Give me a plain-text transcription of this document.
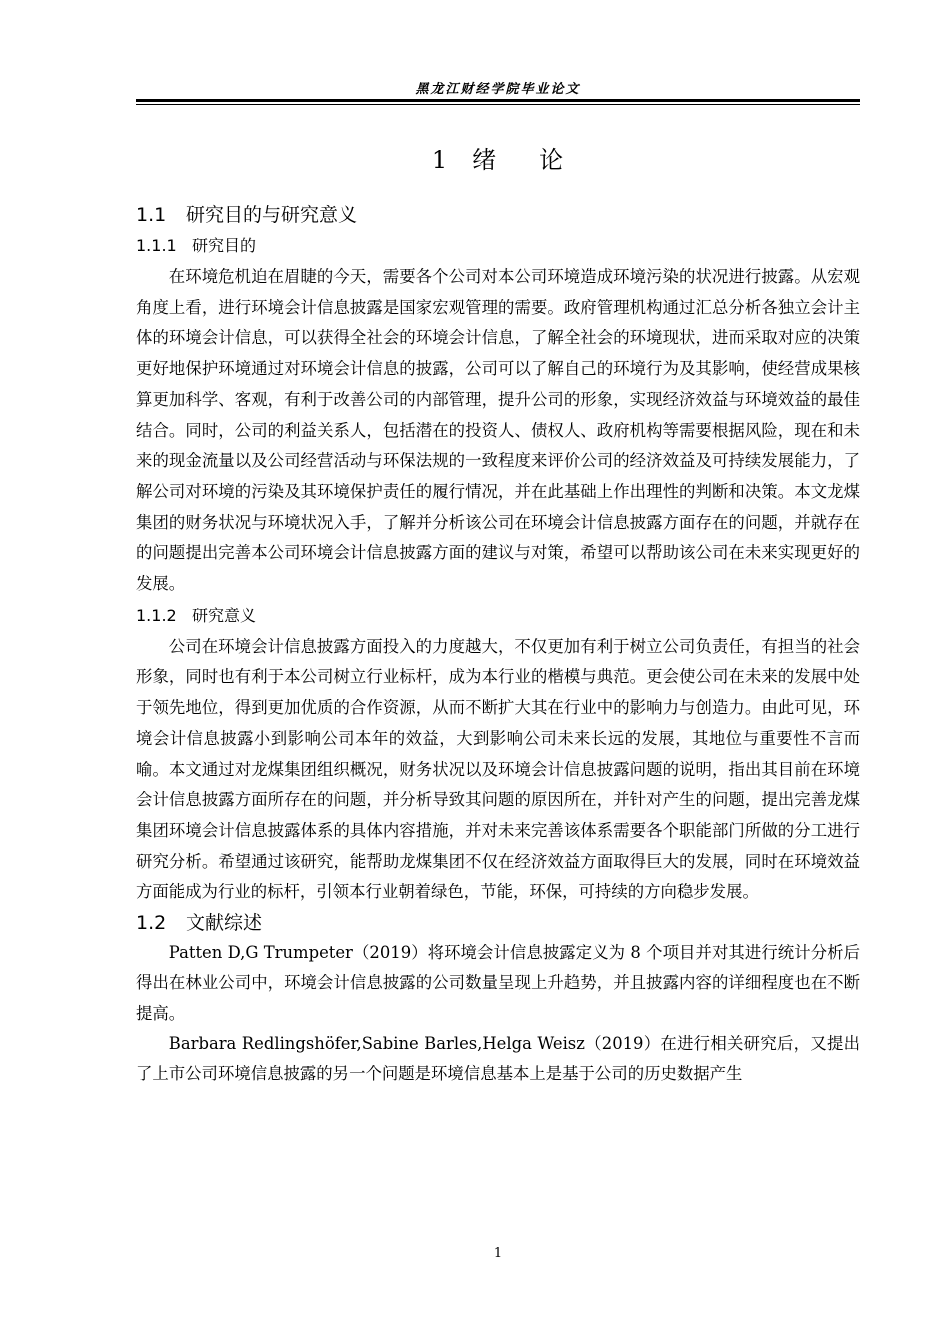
黑龙江财经学院毕业论文
1 绪 论
1.1 研究目的与研究意义
1.1.1 研究目的

在环境危机迫在眉睫的今天，需要各个公司对本公司环境造成环境污染的状况进行披露。从宏观角度上看，进行环境会计信息披露是国家宏观管理的需要。政府管理机构通过汇总分析各独立会计主体的环境会计信息，可以获得全社会的环境会计信息，了解全社会的环境现状，进而采取对应的决策更好地保护环境通过对环境会计信息的披露，公司可以了解自己的环境行为及其影响，使经营成果核算更加科学、客观，有利于改善公司的内部管理，提升公司的形象，实现经济效益与环境效益的最佳结合。同时，公司的利益关系人，包括潜在的投资人、债权人、政府机构等需要根据风险，现在和未来的现金流量以及公司经营活动与环保法规的一致程度来评价公司的经济效益及可持续发展能力，了解公司对环境的污染及其环境保护责任的履行情况，并在此基础上作出理性的判断和决策。本文龙煤集团的财务状况与环境状况入手，了解并分析该公司在环境会计信息披露方面存在的问题，并就存在的问题提出完善本公司环境会计信息披露方面的建议与对策，希望可以帮助该公司在未来实现更好的发展。

1.1.2 研究意义

公司在环境会计信息披露方面投入的力度越大，不仅更加有利于树立公司负责任，有担当的社会形象，同时也有利于本公司树立行业标杆，成为本行业的楷模与典范。更会使公司在未来的发展中处于领先地位，得到更加优质的合作资源，从而不断扩大其在行业中的影响力与创造力。由此可见，环境会计信息披露小到影响公司本年的效益，大到影响公司未来长远的发展，其地位与重要性不言而喻。本文通过对龙煤集团组织概况，财务状况以及环境会计信息披露问题的说明，指出其目前在环境会计信息披露方面所存在的问题，并分析导致其问题的原因所在，并针对产生的问题，提出完善龙煤集团环境会计信息披露体系的具体内容措施，并对未来完善该体系需要各个职能部门所做的分工进行研究分析。希望通过该研究，能帮助龙煤集团不仅在经济效益方面取得巨大的发展，同时在环境效益方面能成为行业的标杆，引领本行业朝着绿色，节能，环保，可持续的方向稳步发展。

1.2 文献综述

Patten D,G Trumpeter（2019）将环境会计信息披露定义为 8 个项目并对其进行统计分析后得出在林业公司中，环境会计信息披露的公司数量呈现上升趋势，并且披露内容的详细程度也在不断提高。

Barbara Redlingshöfer,Sabine Barles,Helga Weisz（2019）在进行相关研究后，又提出了上市公司环境信息披露的另一个问题是环境信息基本上是基于公司的历史数据产生

1
